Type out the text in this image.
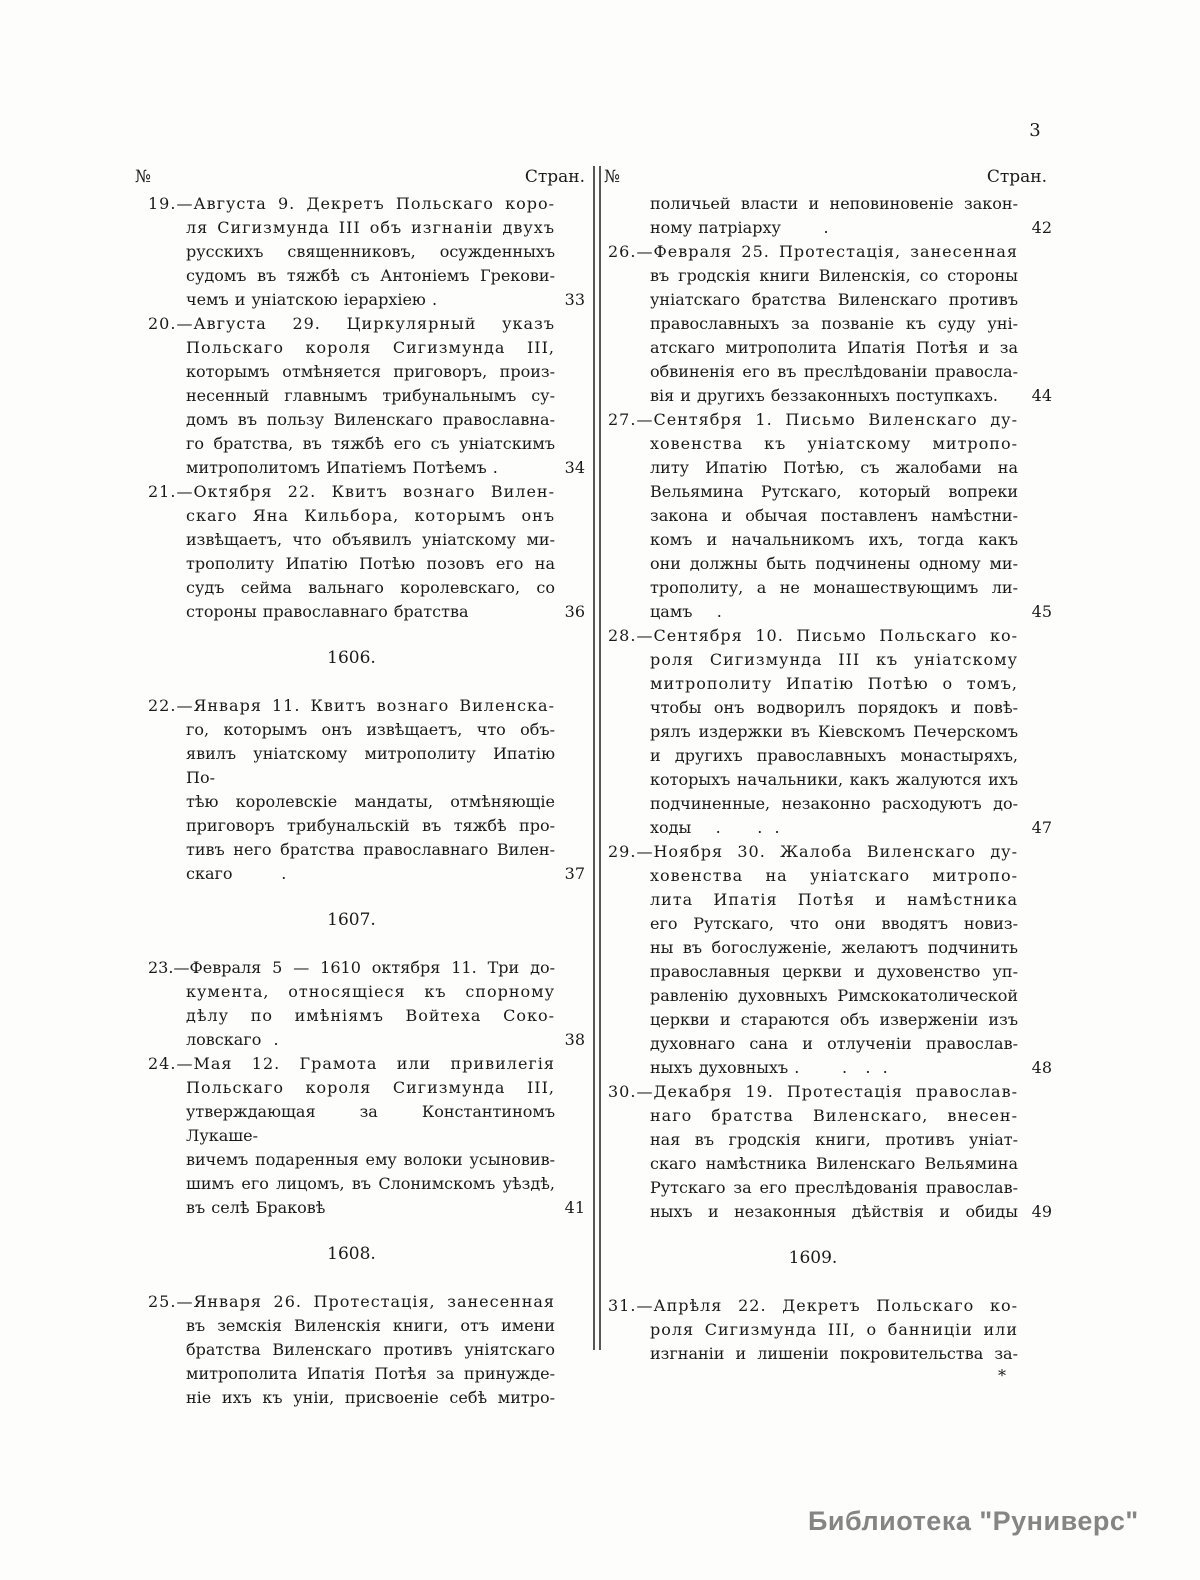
3
№	Стран. №	Стран.
19.—Августа 9. Декретъ Польскаго коро-
ля Сигизмунда III объ изгнаніи двухъ
русскихъ священниковъ, осужденныхъ
судомъ въ тяжбѣ съ Антоніемъ Грекови-
чемъ и уніатскою іерархіею .	33
20.—Августа 29. Циркулярный указъ
Польскаго короля Сигизмунда III,
которымъ отмѣняется приговоръ, произ-
несенный главнымъ трибунальнымъ су-
домъ въ пользу Виленскаго православна-
го братства, въ тяжбѣ его съ уніатскимъ
митрополитомъ Ипатіемъ Потѣемъ .	34
21.—Октября 22. Квитъ вознаго Вилен-
скаго Яна Кильбора, которымъ онъ
извѣщаетъ, что объявилъ уніатскому ми-
трополиту Ипатію Потѣю позовъ его на
судъ сейма вальнаго королевскаго, со
стороны православнаго братства	36
1606.
22.—Января 11. Квитъ вознаго Виленска-
го, которымъ онъ извѣщаетъ, что объ-
явилъ уніатскому митрополиту Ипатію По-
тѣю королевскіе мандаты, отмѣняющіе
приговоръ трибунальскій въ тяжбѣ про-
тивъ него братства православнаго Вилен-
скаго        .	37
1607.
23.—Февраля 5 — 1610 октября 11. Три до-
кумента, относящіеся къ спорному
дѣлу по имѣніямъ Войтеха Соко-
ловскаго  .	38
24.—Мая 12. Грамота или привилегія
Польскаго короля Сигизмунда III,
утверждающая за Константиномъ Лукаше-
вичемъ подаренныя ему волоки усыновив-
шимъ его лицомъ, въ Слонимскомъ уѣздѣ,
въ селѣ Браковѣ	41
1608.
25.—Января 26. Протестація, занесенная
въ земскія Виленскія книги, отъ имени
братства Виленскаго противъ уніятскаго
митрополита Ипатія Потѣя за принужде-
ніе ихъ къ уніи, присвоеніе себѣ митро-
поличьей власти и неповиновеніе закон-
ному патріарху       .	42
26.—Февраля 25. Протестація, занесенная
въ гродскія книги Виленскія, со стороны
уніатскаго братства Виленскаго противъ
православныхъ за позваніе къ суду уні-
атскаго митрополита Ипатія Потѣя и за
обвиненія его въ преслѣдованіи правосла-
вія и другихъ беззаконныхъ поступкахъ.	44
27.—Сентября 1. Письмо Виленскаго ду-
ховенства къ уніатскому митропо-
литу Ипатію Потѣю, съ жалобами на
Вельямина Рутскаго, который вопреки
закона и обычая поставленъ намѣстни-
комъ и начальникомъ ихъ, тогда какъ
они должны быть подчинены одному ми-
трополиту, а не монашествующимъ ли-
цамъ    .	45
28.—Сентября 10. Письмо Польскаго ко-
роля Сигизмунда III къ уніатскому
митрополиту Ипатію Потѣю о томъ,
чтобы онъ водворилъ порядокъ и повѣ-
рялъ издержки въ Кіевскомъ Печерскомъ
и другихъ православныхъ монастыряхъ,
которыхъ начальники, какъ жалуются ихъ
подчиненные, незаконно расходуютъ до-
ходы    .      .  .	47
29.—Ноября 30. Жалоба Виленскаго ду-
ховенства на уніатскаго митропо-
лита Ипатія Потѣя и намѣстника
его Рутскаго, что они вводятъ новиз-
ны въ богослуженіе, желаютъ подчинить
православныя церкви и духовенство уп-
равленію духовныхъ Римскокатолической
церкви и стараются объ изверженіи изъ
духовнаго сана и отлученіи православ-
ныхъ духовныхъ .       .   .  .	48
30.—Декабря 19. Протестація православ-
наго братства Виленскаго, внесен-
ная въ гродскія книги, противъ уніат-
скаго намѣстника Виленскаго Вельямина
Рутскаго за его преслѣдованія православ-
ныхъ и незаконныя дѣйствія и обиды 49
1609.
31.—Апрѣля 22. Декретъ Польскаго ко-
роля Сигизмунда III, о банниціи или
изгнаніи и лишеніи покровительства за-
*
Библиотека "Руниверс"
